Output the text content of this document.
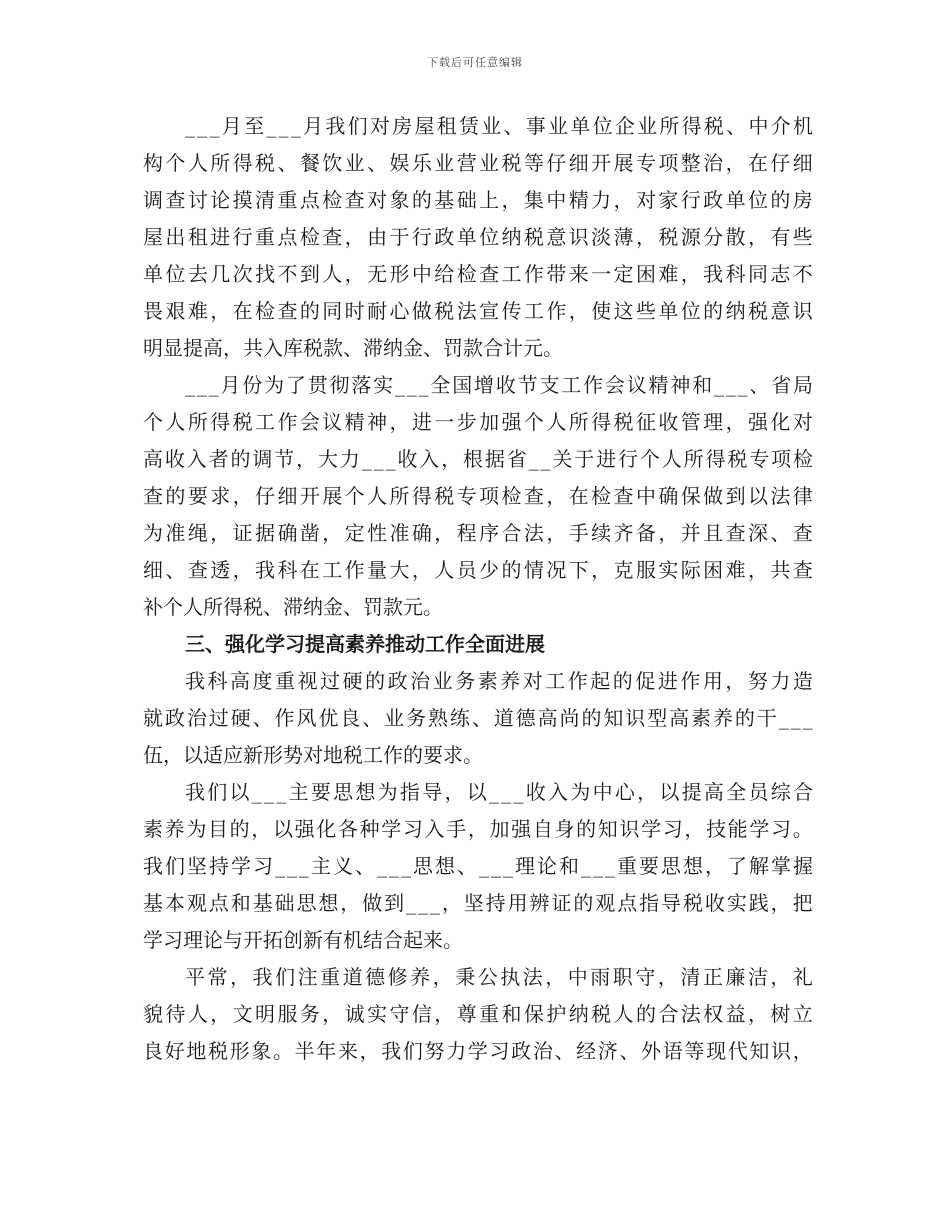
下载后可任意编辑
_ _ _ 月 至 _ _ _ 月 我 们 对 房 屋 租 赁 业 、 事 业 单 位 企 业 所 得 税 、 中 介 机
构 个 人 所 得 税 、 餐 饮 业 、 娱 乐 业 营 业 税 等 仔 细 开 展 专 项 整 治 ， 在 仔 细
调 查 讨 论 摸 清 重 点 检 查 对 象 的 基 础 上 ， 集 中 精 力 ， 对 家 行 政 单 位 的 房
屋 出 租 进 行 重 点 检 查 ， 由 于 行 政 单 位 纳 税 意 识 淡 薄 ， 税 源 分 散 ， 有 些
单 位 去 几 次 找 不 到 人 ， 无 形 中 给 检 查 工 作 带 来 一 定 困 难 ， 我 科 同 志 不
畏 艰 难 ， 在 检 查 的 同 时 耐 心 做 税 法 宣 传 工 作 ， 使 这 些 单 位 的 纳 税 意 识
明显提高，共入库税款、滞纳金、罚款合计元。
_ _ _ 月 份 为 了 贯 彻 落 实 _ _ _ 全 国 增 收 节 支 工 作 会 议 精 神 和 _ _ _ 、 省 局
个 人 所 得 税 工 作 会 议 精 神 ， 进 一 步 加 强 个 人 所 得 税 征 收 管 理 ， 强 化 对
高 收 入 者 的 调 节 ， 大 力 _ _ _ 收 入 ， 根 据 省 _ _ 关 于 进 行 个 人 所 得 税 专 项 检
查 的 要 求 ， 仔 细 开 展 个 人 所 得 税 专 项 检 查 ， 在 检 查 中 确 保 做 到 以 法 律
为 准 绳 ， 证 据 确 凿 ， 定 性 准 确 ， 程 序 合 法 ， 手 续 齐 备 ， 并 且 查 深 、 查
细 、 查 透 ， 我 科 在 工 作 量 大 ， 人 员 少 的 情 况 下 ， 克 服 实 际 困 难 ， 共 查
补个人所得税、滞纳金、罚款元。
三、强化学习提高素养推动工作全面进展
我 科 高 度 重 视 过 硬 的 政 治 业 务 素 养 对 工 作 起 的 促 进 作 用 ， 努 力 造
就 政 治 过 硬 、 作 风 优 良 、 业 务 熟 练 、 道 德 高 尚 的 知 识 型 高 素 养 的 干 _ _ _
伍，以适应新形势对地税工作的要求。
我 们 以 _ _ _ 主 要 思 想 为 指 导 ， 以 _ _ _ 收 入 为 中 心 ， 以 提 高 全 员 综 合
素 养 为 目 的 ， 以 强 化 各 种 学 习 入 手 ， 加 强 自 身 的 知 识 学 习 ， 技 能 学 习 。
我 们 坚 持 学 习 _ _ _ 主 义 、 _ _ _ 思 想 、 _ _ _ 理 论 和 _ _ _ 重 要 思 想 ， 了 解 掌 握
基 本 观 点 和 基 础 思 想 ， 做 到 _ _ _ ， 坚 持 用 辨 证 的 观 点 指 导 税 收 实 践 ， 把
学习理论与开拓创新有机结合起来。
平 常 ， 我 们 注 重 道 德 修 养 ， 秉 公 执 法 ， 中 雨 职 守 ， 清 正 廉 洁 ， 礼
貌 待 人 ， 文 明 服 务 ， 诚 实 守 信 ， 尊 重 和 保 护 纳 税 人 的 合 法 权 益 ， 树 立
良 好 地 税 形 象 。 半 年 来 ， 我 们 努 力 学 习 政 治 、 经 济 、 外 语 等 现 代 知 识 ，
